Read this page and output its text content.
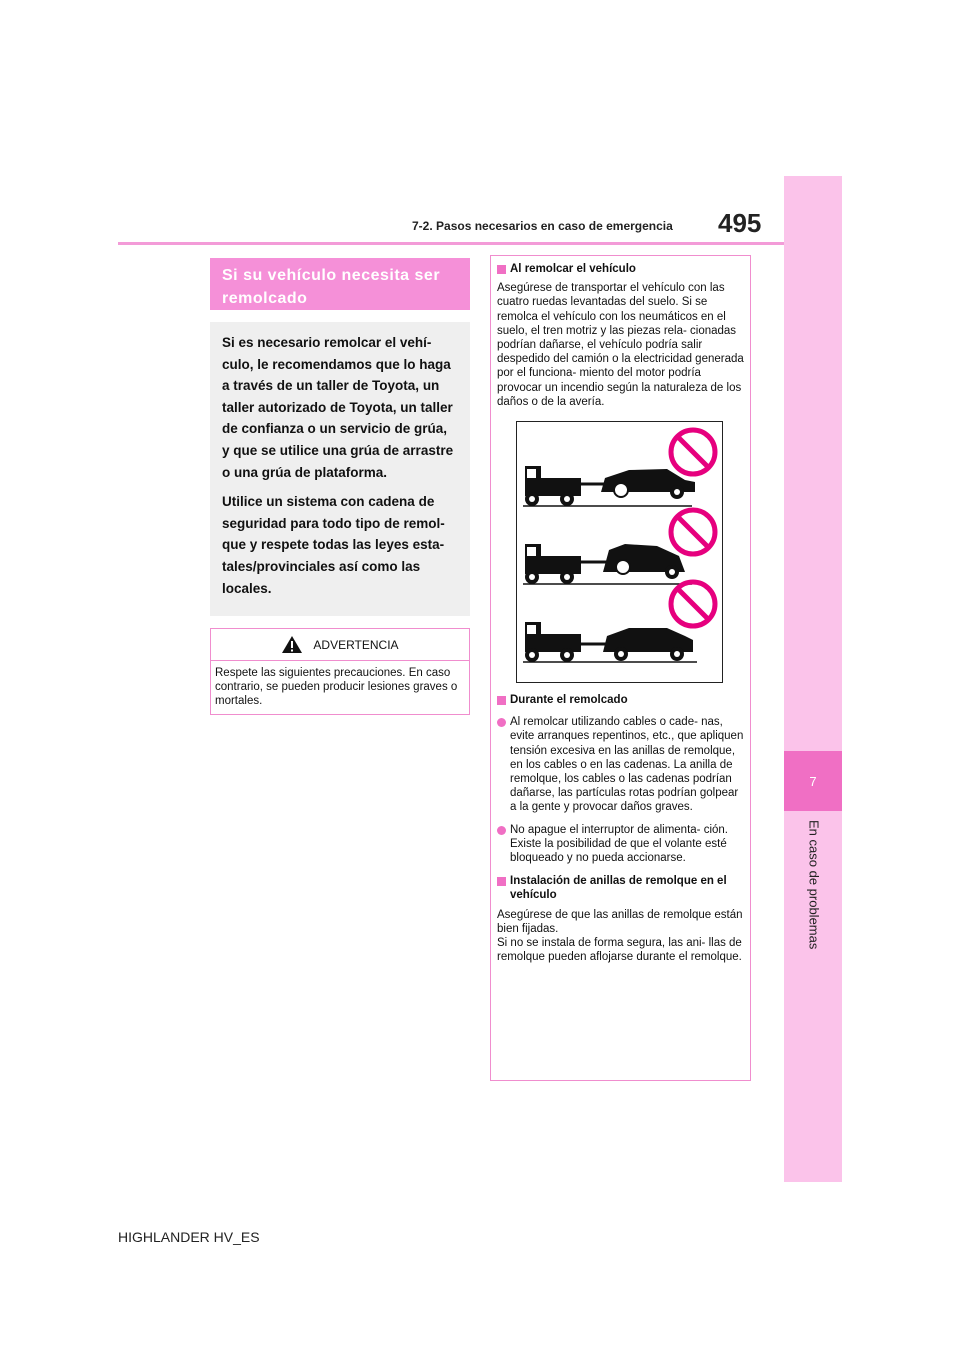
7
En caso de problemas
495
7-2. Pasos necesarios en caso de emergencia
Si su vehículo necesita ser remolcado

Si es necesario remolcar el vehí- culo, le recomendamos que lo haga a través de un taller de Toyota, un taller autorizado de Toyota, un taller de confianza o un servicio de grúa, y que se utilice una grúa de arrastre o una grúa de plataforma.

Utilice un sistema con cadena de seguridad para todo tipo de remol- que y respete todas las leyes esta- tales/provinciales así como las locales.

ADVERTENCIA
Respete las siguientes precauciones. En caso contrario, se pueden producir lesiones graves o mortales.
Al remolcar el vehículo
Asegúrese de transportar el vehículo con las cuatro ruedas levantadas del suelo. Si se remolca el vehículo con los neumáticos en el suelo, el tren motriz y las piezas rela- cionadas podrían dañarse, el vehículo podría salir despedido del camión o la electricidad generada por el funciona- miento del motor podría provocar un incendio según la naturaleza de los daños o de la avería.
Durante el remolcado
Al remolcar utilizando cables o cade- nas, evite arranques repentinos, etc., que apliquen tensión excesiva en las anillas de remolque, en los cables o en las cadenas. La anilla de remolque, los cables o las cadenas podrían dañarse, las partículas rotas podrían golpear a la gente y provocar daños graves.
No apague el interruptor de alimenta- ción.
Existe la posibilidad de que el volante esté bloqueado y no pueda accionarse.
Instalación de anillas de remolque en el vehículo
Asegúrese de que las anillas de remolque están bien fijadas.
Si no se instala de forma segura, las ani- llas de remolque pueden aflojarse durante el remolque.
HIGHLANDER HV_ES
